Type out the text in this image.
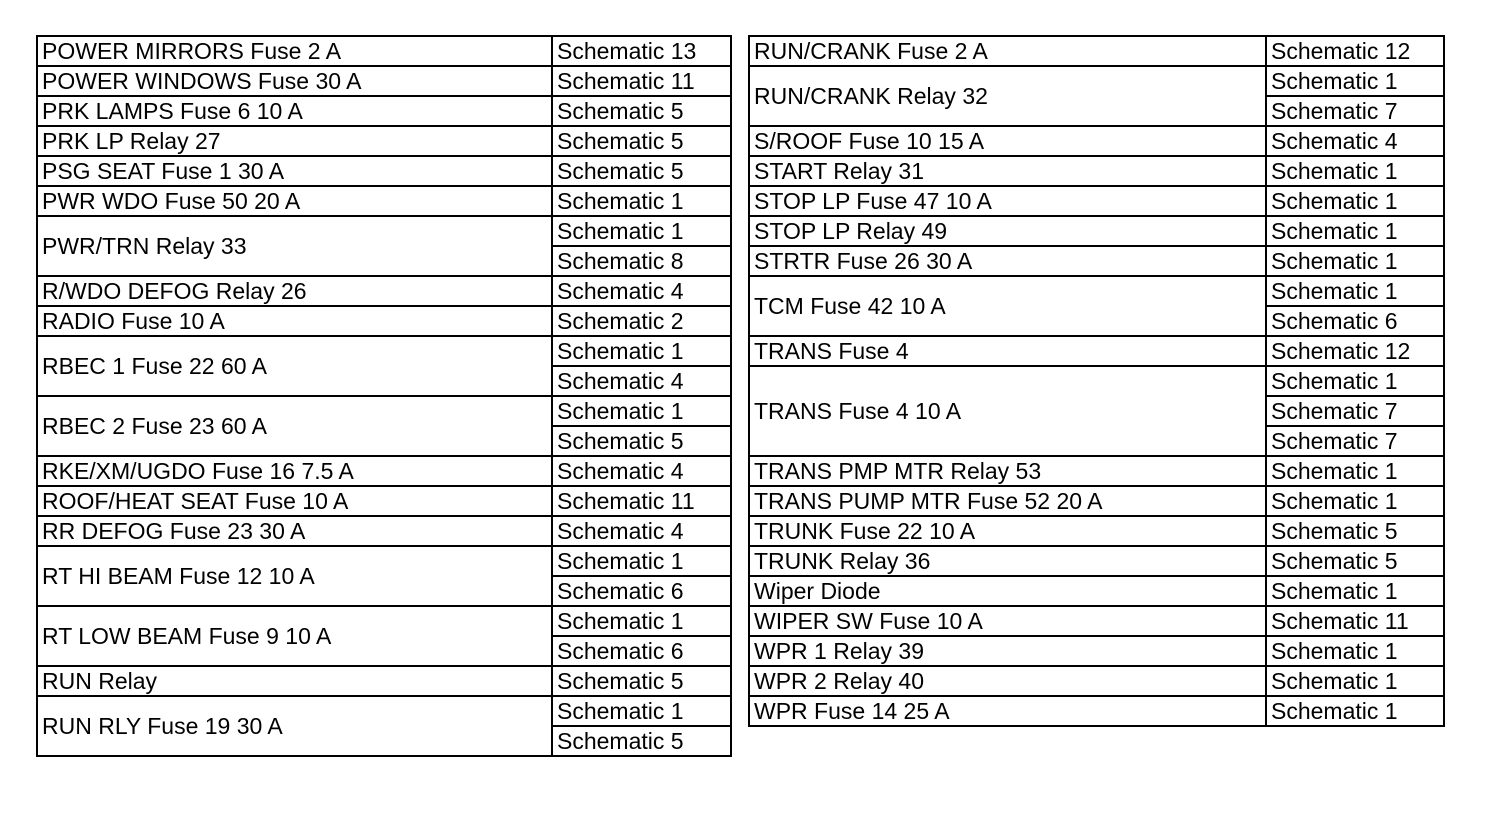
POWER MIRRORS Fuse 2 A	Schematic 13
POWER WINDOWS Fuse 30 A	Schematic 11
PRK LAMPS Fuse 6 10 A	Schematic 5
PRK LP Relay 27	Schematic 5
PSG SEAT Fuse 1 30 A	Schematic 5
PWR WDO Fuse 50 20 A	Schematic 1
PWR/TRN Relay 33	Schematic 1
	Schematic 8
R/WDO DEFOG Relay 26	Schematic 4
RADIO Fuse 10 A	Schematic 2
RBEC 1 Fuse 22 60 A	Schematic 1
	Schematic 4
RBEC 2 Fuse 23 60 A	Schematic 1
	Schematic 5
RKE/XM/UGDO Fuse 16 7.5 A	Schematic 4
ROOF/HEAT SEAT Fuse 10 A	Schematic 11
RR DEFOG Fuse 23 30 A	Schematic 4
RT HI BEAM Fuse 12 10 A	Schematic 1
	Schematic 6
RT LOW BEAM Fuse 9 10 A	Schematic 1
	Schematic 6
RUN Relay	Schematic 5
RUN RLY Fuse 19 30 A	Schematic 1
	Schematic 5
RUN/CRANK Fuse 2 A	Schematic 12
RUN/CRANK Relay 32	Schematic 1
	Schematic 7
S/ROOF Fuse 10 15 A	Schematic 4
START Relay 31	Schematic 1
STOP LP Fuse 47 10 A	Schematic 1
STOP LP Relay 49	Schematic 1
STRTR Fuse 26 30 A	Schematic 1
TCM Fuse 42 10 A	Schematic 1
	Schematic 6
TRANS Fuse 4	Schematic 12
TRANS Fuse 4 10 A	Schematic 1
	Schematic 7
	Schematic 7
TRANS PMP MTR Relay 53	Schematic 1
TRANS PUMP MTR Fuse 52 20 A	Schematic 1
TRUNK Fuse 22 10 A	Schematic 5
TRUNK Relay 36	Schematic 5
Wiper Diode	Schematic 1
WIPER SW Fuse 10 A	Schematic 11
WPR 1 Relay 39	Schematic 1
WPR 2 Relay 40	Schematic 1
WPR Fuse 14 25 A	Schematic 1
